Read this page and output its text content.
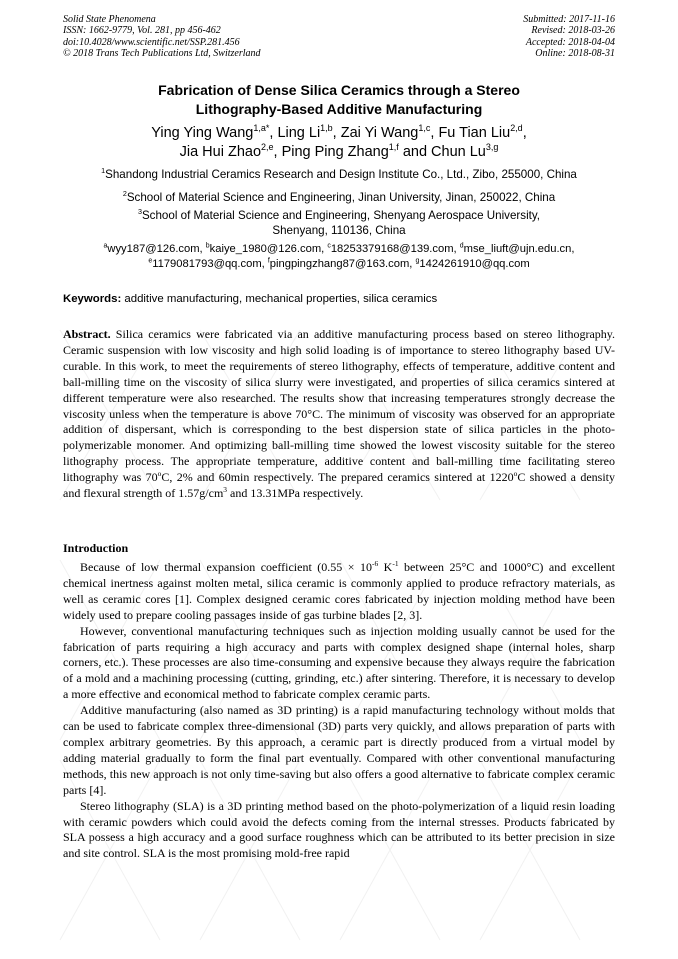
Solid State Phenomena
ISSN: 1662-9779, Vol. 281, pp 456-462
doi:10.4028/www.scientific.net/SSP.281.456
© 2018 Trans Tech Publications Ltd, Switzerland
Submitted: 2017-11-16
Revised: 2018-03-26
Accepted: 2018-04-04
Online: 2018-08-31
Fabrication of Dense Silica Ceramics through a Stereo
Lithography-Based Additive Manufacturing
Ying Ying Wang$^{1,a*}$, Ling Li$^{1,b}$, Zai Yi Wang$^{1,c}$, Fu Tian Liu$^{2,d}$,
Jia Hui Zhao$^{2,e}$, Ping Ping Zhang$^{1,f}$ and Chun Lu$^{3,g}$
$^1$Shandong Industrial Ceramics Research and Design Institute Co., Ltd., Zibo, 255000, China
$^2$School of Material Science and Engineering, Jinan University, Jinan, 250022, China
$^3$School of Material Science and Engineering, Shenyang Aerospace University,
Shenyang, 110136, China
$^a$wyy187@126.com, $^b$kaiye_1980@126.com, $^c$18253379168@139.com, $^d$mse_liuft@ujn.edu.cn,
$^e$1179081793@qq.com, $^f$pingpingzhang87@163.com, $^g$1424261910@qq.com
Keywords: additive manufacturing, mechanical properties, silica ceramics

Abstract. Silica ceramics were fabricated via an additive manufacturing process based on stereo lithography. Ceramic suspension with low viscosity and high solid loading is of importance to stereo lithography based UV-curable. In this work, to meet the requirements of stereo lithography, effects of temperature, additive content and ball-milling time on the viscosity of silica slurry were investigated, and properties of silica ceramics sintered at different temperature were also researched. The results show that increasing temperatures strongly decrease the viscosity unless when the temperature is above 70°C. The minimum of viscosity was observed for an appropriate addition of dispersant, which is corresponding to the best dispersion state of silica particles in the photo-polymerizable monomer. And optimizing ball-milling time showed the lowest viscosity suitable for the stereo lithography process. The appropriate temperature, additive content and ball-milling time facilitating stereo lithography was 70$^o$C, 2% and 60min respectively. The prepared ceramics sintered at 1220$^o$C showed a density and flexural strength of $1.57g/cm^3$ and 13.31MPa respectively.

Introduction

Because of low thermal expansion coefficient ($0.55 \times 10^{-6}$ $K^{-1}$ between 25°C and 1000°C) and excellent chemical inertness against molten metal, silica ceramic is commonly applied to produce refractory materials, as well as ceramic cores [1]. Complex designed ceramic cores fabricated by injection molding method have been widely used to prepare cooling passages inside of gas turbine blades [2, 3].

However, conventional manufacturing techniques such as injection molding usually cannot be used for the fabrication of parts requiring a high accuracy and parts with complex designed shape (internal holes, sharp corners, etc.). These processes are also time-consuming and expensive because they always require the fabrication of a mold and a machining processing (cutting, grinding, etc.) after sintering. Therefore, it is necessary to develop a more effective and economical method to fabricate complex ceramic parts.

Additive manufacturing (also named as 3D printing) is a rapid manufacturing technology without molds that can be used to fabricate complex three-dimensional (3D) parts very quickly, and allows preparation of parts with complex arbitrary geometries. By this approach, a ceramic part is directly produced from a virtual model by adding material gradually to form the final part eventually. Compared with other conventional manufacturing methods, this new approach is not only time-saving but also offers a good alternative to fabricate complex ceramic parts [4].

Stereo lithography (SLA) is a 3D printing method based on the photo-polymerization of a liquid resin loading with ceramic powders which could avoid the defects coming from the internal stresses. Products fabricated by SLA possess a high accuracy and a good surface roughness which can be attributed to its better precision in size and site control. SLA is the most promising mold-free rapid
